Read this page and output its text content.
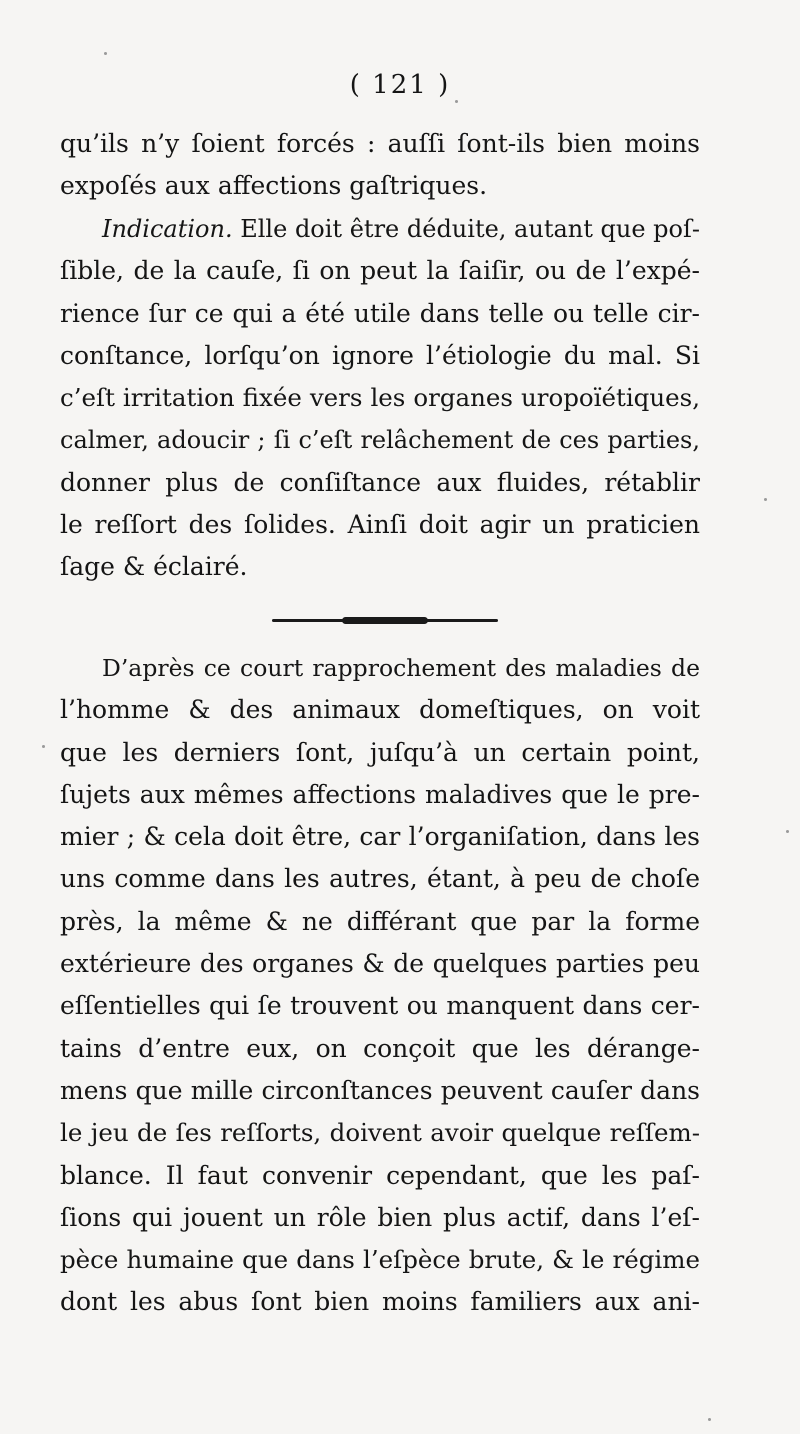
( 121 )
qu’ils n’y ſoient forcés : auſſi ſont-ils bien moins
expoſés aux affections gaſtriques.
Indication. Elle doit être déduite, autant que poſ-
ſible, de la cauſe, ſi on peut la ſaiſir, ou de l’expé-
rience ſur ce qui a été utile dans telle ou telle cir-
conſtance, lorſqu’on ignore l’étiologie du mal. Si
c’eſt irritation fixée vers les organes uropoïétiques,
calmer, adoucir ; ſi c’eſt relâchement de ces parties,
donner plus de conſiſtance aux fluides, rétablir
le reſſort des ſolides. Ainſi doit agir un praticien
ſage & éclairé.
D’après ce court rapprochement des maladies de
l’homme & des animaux domeſtiques, on voit
que les derniers ſont, juſqu’à un certain point,
ſujets aux mêmes affections maladives que le pre-
mier ; & cela doit être, car l’organiſation, dans les
uns comme dans les autres, étant, à peu de choſe
près, la même & ne différant que par la forme
extérieure des organes & de quelques parties peu
eſſentielles qui ſe trouvent ou manquent dans cer-
tains d’entre eux, on conçoit que les dérange-
mens que mille circonſtances peuvent cauſer dans
le jeu de ſes reſſorts, doivent avoir quelque reſſem-
blance. Il faut convenir cependant, que les paſ-
ſions qui jouent un rôle bien plus actif, dans l’eſ-
pèce humaine que dans l’eſpèce brute, & le régime
dont les abus ſont bien moins familiers aux ani-
